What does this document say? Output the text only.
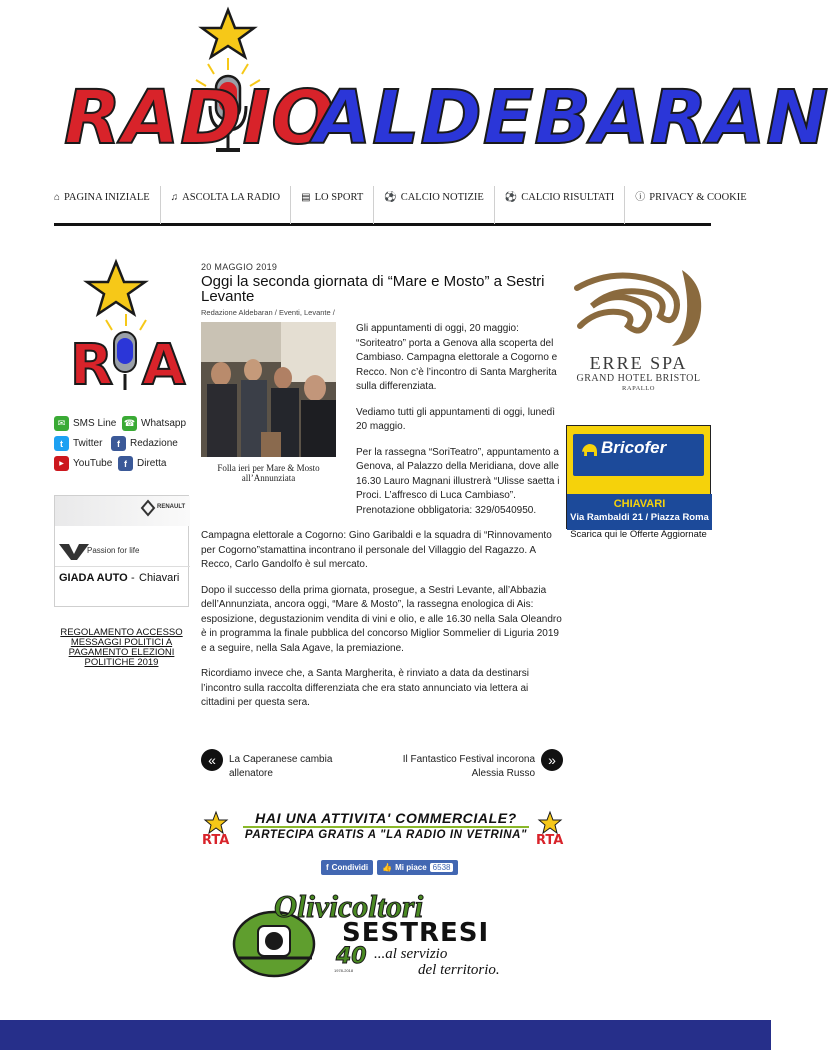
RADIO
ALDEBARAN
⌂ PAGINA INIZIALE ♫ ASCOLTA LA RADIO ▤ LO SPORT ⚽ CALCIO NOTIZIE ⚽ CALCIO RISULTATI ⓘ PRIVACY & COOKIE
R A
✉ SMS Line ☎ Whatsapp
t	Twitter	f	Redazione
▶ YouTube	f	Diretta
RENAULT
Passion for life
GIADA AUTO - Chiavari
REGOLAMENTO ACCESSO MESSAGGI POLITICI A PAGAMENTO ELEZIONI POLITICHE 2019
20 MAGGIO 2019
Oggi la seconda giornata di “Mare e Mosto” a Sestri Levante
Redazione Aldebaran / Eventi, Levante /

Gli appuntamenti di oggi, 20 maggio: “Soriteatro” porta a Genova alla scoperta del Cambiaso. Campagna elettorale a Cogorno e Recco. Non c’è l’incontro di Santa Margherita sulla differenziata.

Vediamo tutti gli appuntamenti di oggi, lunedì 20 maggio.

Per la rassegna “SoriTeatro”, appuntamento a Genova, al Palazzo della Meridiana, dove alle 16.30 Lauro Magnani illustrerà “Ulisse saetta i Proci. L’affresco di Luca Cambiaso”. Prenotazione obbligatoria: 329/0540950.

Campagna elettorale a Cogorno: Gino Garibaldi e la squadra di “Rinnovamento per Cogorno”stamattina incontrano il personale del Villaggio del Ragazzo. A Recco, Carlo Gandolfo è sul mercato.

Dopo il successo della prima giornata, prosegue, a Sestri Levante, all’Abbazia dell’Annunziata, ancora oggi, “Mare & Mosto”, la rassegna enologica di Ais: esposizione, degustazionim vendita di vini e olio, e alle 16.30 nella Sala Oleandro è in programma la finale pubblica del concorso Miglior Sommelier di Liguria 2019 e a seguire, nella Sala Agave, la premiazione.

Ricordiamo invece che, a Santa Margherita, è rinviato a data da destinarsi l’incontro sulla raccolta differenziata che era stato annunciato via lettera ai cittadini per questa sera.

Folla ieri per Mare & Mosto all’Annunziata
« La Caperanese cambia allenatore
Il Fantastico Festival incorona Alessia Russo
»
ERRE SPA
GRAND HOTEL BRISTOL
RAPALLO
Bricofer
Tra il dire e il fare.
CHIAVARI
Via Rambaldi 21 / Piazza Roma
Scarica qui le Offerte Aggiornate
RTA
HAI UNA ATTIVITA' COMMERCIALE?
PARTECIPA GRATIS A "LA RADIO IN VETRINA" RTA
f Condividi 👍 Mi piace 6538
Olivicoltori
SESTRESI
40
1978-2018
...al servizio
del territorio.
